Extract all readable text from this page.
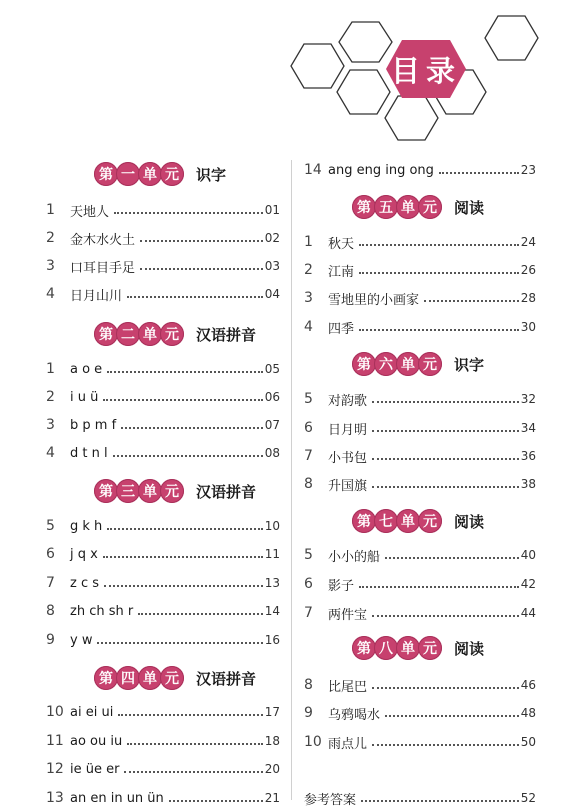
目录
第 一 单 元	识字
1	天地人	01
2	金木水火土	02
3	口耳目手足	03
4	日月山川	04
第 二 单 元	汉语拼音
1	a o e	05
2	i u ü	06
3	b p m f	07
4	d t n l	08
第 三 单 元	汉语拼音
5	g k h	10
6	j q x	11
7	z c s	13
8	zh ch sh r	14
9	y w	16
第 四 单 元	汉语拼音
10 ai ei ui	17
11 ao ou iu	18
12 ie üe er	20
13 an en in un ün	21
14 ang eng ing ong	23
第 五 单 元	阅读
1	秋天	24
2	江南	26
3	雪地里的小画家	28
4	四季	30
第 六 单 元	识字
5	对韵歌	32
6	日月明	34
7	小书包	36
8	升国旗	38
第 七 单 元	阅读
5	小小的船	40
6	影子	42
7	两件宝	44
第 八 单 元	阅读
8	比尾巴	46
9	乌鸦喝水	48
10 雨点儿	50
参考答案	52
